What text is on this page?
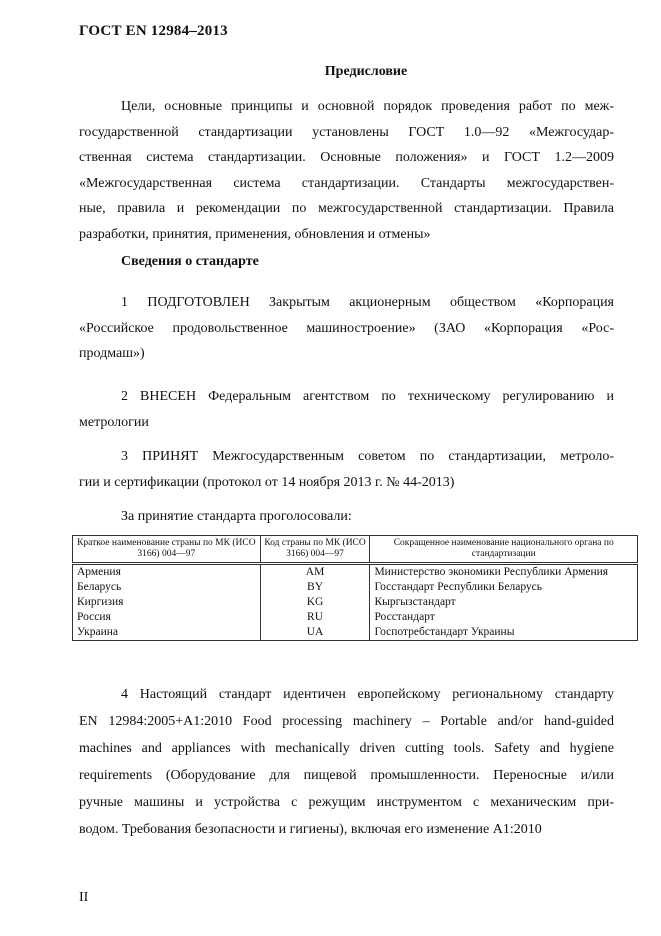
ГОСТ EN 12984–2013
Предисловие
Цели, основные принципы и основной порядок проведения работ по меж-
государственной стандартизации установлены ГОСТ 1.0—92 «Межгосудар-
ственная система стандартизации. Основные положения» и ГОСТ 1.2—2009
«Межгосударственная система стандартизации. Стандарты межгосударствен-
ные, правила и рекомендации по межгосударственной стандартизации. Правила
разработки, принятия, применения, обновления и отмены»
Сведения о стандарте
1 ПОДГОТОВЛЕН Закрытым акционерным обществом «Корпорация
«Российское продовольственное машиностроение» (ЗАО «Корпорация «Рос-
продмаш»)
2 ВНЕСЕН Федеральным агентством по техническому регулированию и
метрологии
3 ПРИНЯТ Межгосударственным советом по стандартизации, метроло-
гии и сертификации (протокол от 14 ноября 2013 г. № 44-2013)
За принятие стандарта проголосовали:
Краткое наименование страны по МК (ИСО 3166) 004—97	Код страны по МК (ИСО 3166) 004—97	Сокращенное наименование национального органа по стандартизации
Армения	AM	Министерство экономики Республики Армения
Беларусь	BY	Госстандарт Республики Беларусь
Киргизия	KG	Кыргызстандарт
Россия	RU	Росстандарт
Украина	UA	Госпотребстандарт Украины
4 Настоящий стандарт идентичен европейскому региональному стандарту
EN 12984:2005+A1:2010 Food processing machinery – Portable and/or hand-guided
machines and appliances with mechanically driven cutting tools. Safety and hygiene
requirements (Оборудование для пищевой промышленности. Переносные и/или
ручные машины и устройства с режущим инструментом с механическим при-
водом. Требования безопасности и гигиены), включая его изменение A1:2010
II
